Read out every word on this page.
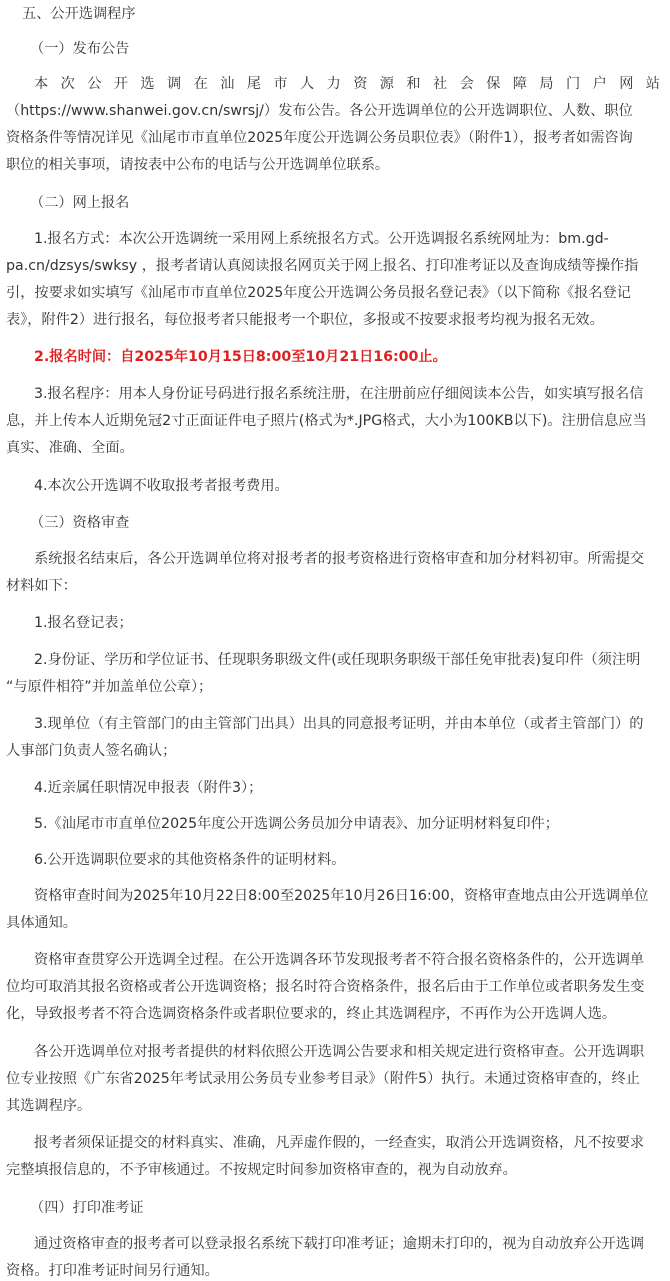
五、公开选调程序
（一）发布公告
本次公开选调在汕尾市人力资源和社会保障局门户网站
（https://www.shanwei.gov.cn/swrsj/）发布公告。各公开选调单位的公开选调职位、人数、职位
资格条件等情况详见《汕尾市市直单位2025年度公开选调公务员职位表》（附件1），报考者如需咨询
职位的相关事项，请按表中公布的电话与公开选调单位联系。
（二）网上报名
1.报名方式：本次公开选调统一采用网上系统报名方式。公开选调报名系统网址为：bm.gd-
pa.cn/dzsys/swksy ，报考者请认真阅读报名网页关于网上报名、打印准考证以及查询成绩等操作指
引，按要求如实填写《汕尾市市直单位2025年度公开选调公务员报名登记表》（以下简称《报名登记
表》，附件2）进行报名，每位报考者只能报考一个职位，多报或不按要求报考均视为报名无效。
2.报名时间：自2025年10月15日8:00至10月21日16:00止。
3.报名程序：用本人身份证号码进行报名系统注册，在注册前应仔细阅读本公告，如实填写报名信
息，并上传本人近期免冠2寸正面证件电子照片(格式为*.JPG格式，大小为100KB以下)。注册信息应当
真实、准确、全面。
4.本次公开选调不收取报考者报考费用。
（三）资格审查
系统报名结束后，各公开选调单位将对报考者的报考资格进行资格审查和加分材料初审。所需提交
材料如下：
1.报名登记表；
2.身份证、学历和学位证书、任现职务职级文件(或任现职务职级干部任免审批表)复印件（须注明
“与原件相符”并加盖单位公章）；
3.现单位（有主管部门的由主管部门出具）出具的同意报考证明，并由本单位（或者主管部门）的
人事部门负责人签名确认；
4.近亲属任职情况申报表（附件3）；
5.《汕尾市市直单位2025年度公开选调公务员加分申请表》、加分证明材料复印件；
6.公开选调职位要求的其他资格条件的证明材料。
资格审查时间为2025年10月22日8:00至2025年10月26日16:00，资格审查地点由公开选调单位
具体通知。
资格审查贯穿公开选调全过程。在公开选调各环节发现报考者不符合报名资格条件的，公开选调单
位均可取消其报名资格或者公开选调资格；报名时符合资格条件，报名后由于工作单位或者职务发生变
化，导致报考者不符合选调资格条件或者职位要求的，终止其选调程序，不再作为公开选调人选。
各公开选调单位对报考者提供的材料依照公开选调公告要求和相关规定进行资格审查。公开选调职
位专业按照《广东省2025年考试录用公务员专业参考目录》（附件5）执行。未通过资格审查的，终止
其选调程序。
报考者须保证提交的材料真实、准确，凡弄虚作假的，一经查实，取消公开选调资格，凡不按要求
完整填报信息的，不予审核通过。不按规定时间参加资格审查的，视为自动放弃。
（四）打印准考证
通过资格审查的报考者可以登录报名系统下载打印准考证；逾期未打印的，视为自动放弃公开选调
资格。打印准考证时间另行通知。
